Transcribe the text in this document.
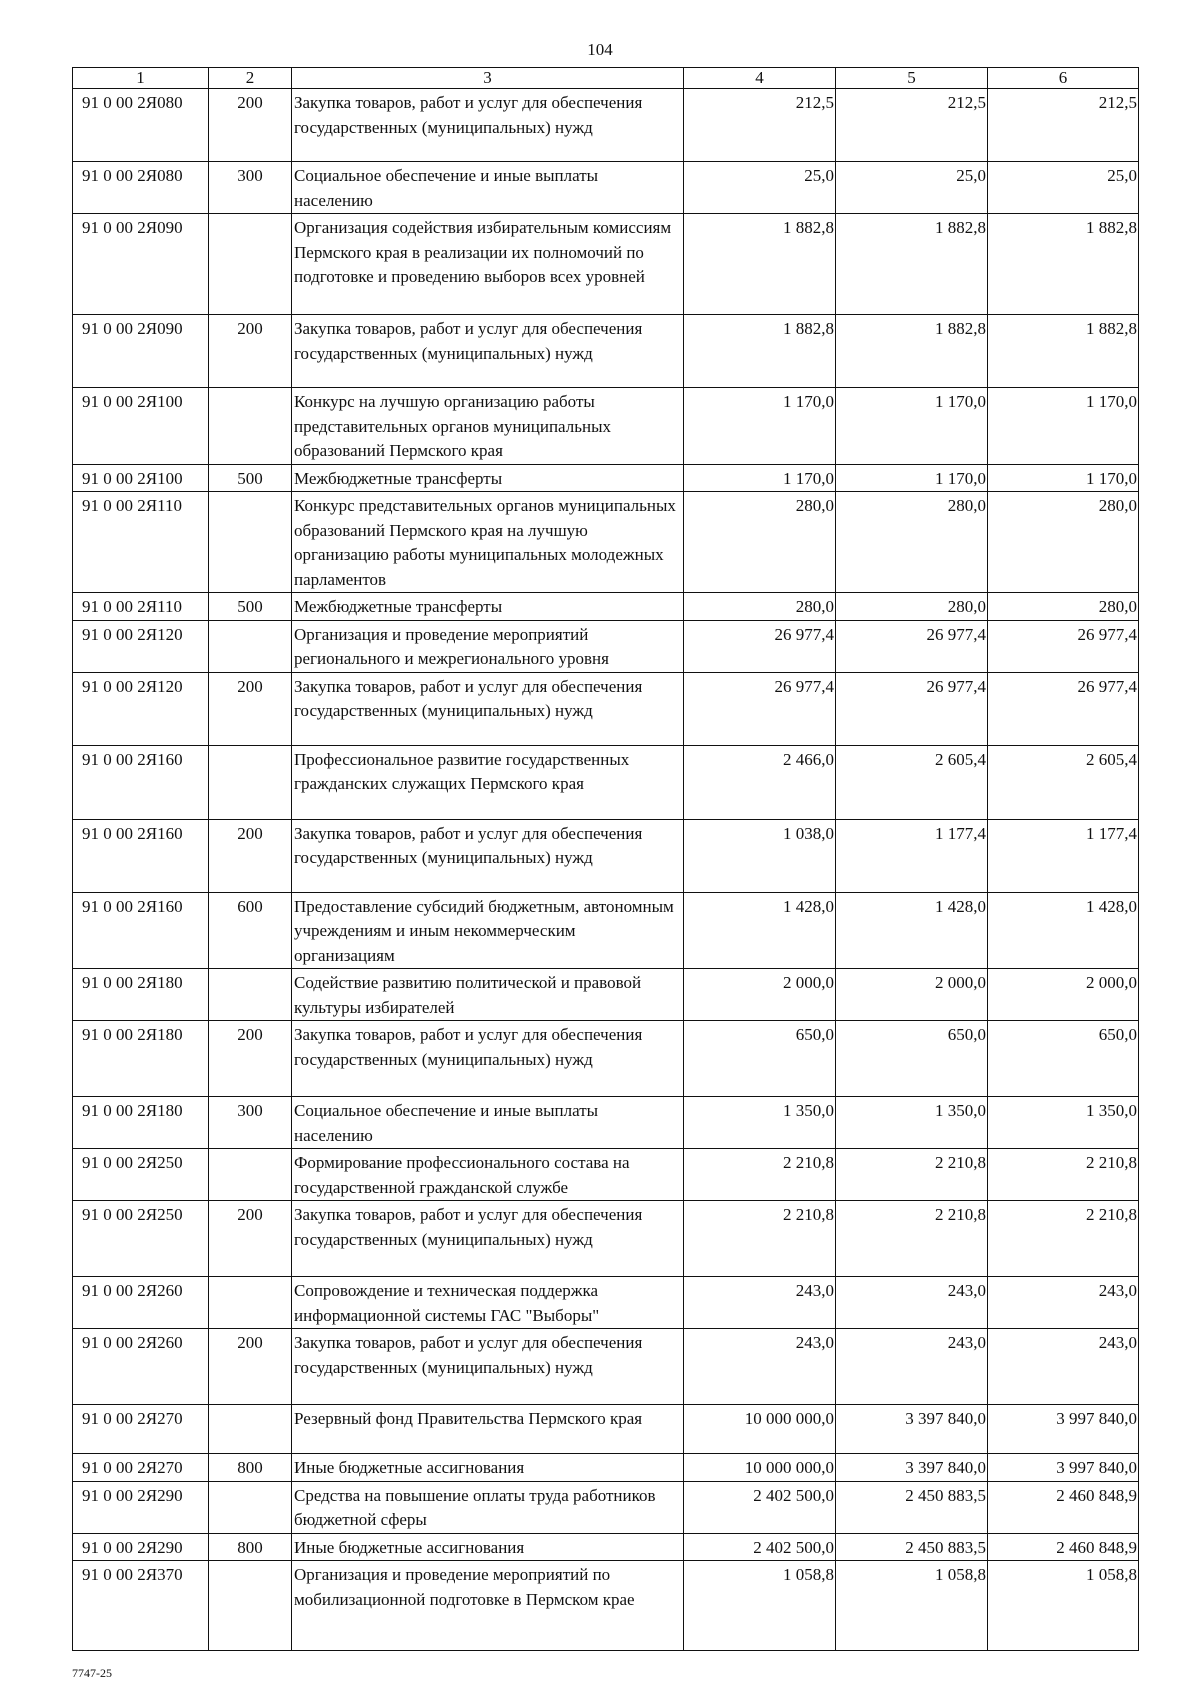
104
1	2	3	4	5	6
91 0 00 2Я080	200	Закупка товаров, работ и услуг для обеспечения государственных (муниципальных) нужд	212,5	212,5	212,5
91 0 00 2Я080	300	Социальное обеспечение и иные выплаты населению	25,0	25,0	25,0
91 0 00 2Я090		Организация содействия избирательным комиссиям Пермского края в реализации их полномочий по подготовке и проведению выборов всех уровней	1 882,8	1 882,8	1 882,8
91 0 00 2Я090	200	Закупка товаров, работ и услуг для обеспечения государственных (муниципальных) нужд	1 882,8	1 882,8	1 882,8
91 0 00 2Я100		Конкурс на лучшую организацию работы представительных органов муниципальных образований Пермского края	1 170,0	1 170,0	1 170,0
91 0 00 2Я100	500	Межбюджетные трансферты	1 170,0	1 170,0	1 170,0
91 0 00 2Я110		Конкурс представительных органов муниципальных образований Пермского края на лучшую организацию работы муниципальных молодежных парламентов	280,0	280,0	280,0
91 0 00 2Я110	500	Межбюджетные трансферты	280,0	280,0	280,0
91 0 00 2Я120		Организация и проведение мероприятий регионального и межрегионального уровня	26 977,4	26 977,4	26 977,4
91 0 00 2Я120	200	Закупка товаров, работ и услуг для обеспечения государственных (муниципальных) нужд	26 977,4	26 977,4	26 977,4
91 0 00 2Я160		Профессиональное развитие государственных гражданских служащих Пермского края	2 466,0	2 605,4	2 605,4
91 0 00 2Я160	200	Закупка товаров, работ и услуг для обеспечения государственных (муниципальных) нужд	1 038,0	1 177,4	1 177,4
91 0 00 2Я160	600	Предоставление субсидий бюджетным, автономным учреждениям и иным некоммерческим организациям	1 428,0	1 428,0	1 428,0
91 0 00 2Я180		Содействие развитию политической и правовой культуры избирателей	2 000,0	2 000,0	2 000,0
91 0 00 2Я180	200	Закупка товаров, работ и услуг для обеспечения государственных (муниципальных) нужд	650,0	650,0	650,0
91 0 00 2Я180	300	Социальное обеспечение и иные выплаты населению	1 350,0	1 350,0	1 350,0
91 0 00 2Я250		Формирование профессионального состава на государственной гражданской службе	2 210,8	2 210,8	2 210,8
91 0 00 2Я250	200	Закупка товаров, работ и услуг для обеспечения государственных (муниципальных) нужд	2 210,8	2 210,8	2 210,8
91 0 00 2Я260		Сопровождение и техническая поддержка информационной системы ГАС "Выборы"	243,0	243,0	243,0
91 0 00 2Я260	200	Закупка товаров, работ и услуг для обеспечения государственных (муниципальных) нужд	243,0	243,0	243,0
91 0 00 2Я270		Резервный фонд Правительства Пермского края	10 000 000,0	3 397 840,0	3 997 840,0
91 0 00 2Я270	800	Иные бюджетные ассигнования	10 000 000,0	3 397 840,0	3 997 840,0
91 0 00 2Я290		Средства на повышение оплаты труда работников бюджетной сферы	2 402 500,0	2 450 883,5	2 460 848,9
91 0 00 2Я290	800	Иные бюджетные ассигнования	2 402 500,0	2 450 883,5	2 460 848,9
91 0 00 2Я370		Организация и проведение мероприятий по мобилизационной подготовке в Пермском крае	1 058,8	1 058,8	1 058,8
7747-25
